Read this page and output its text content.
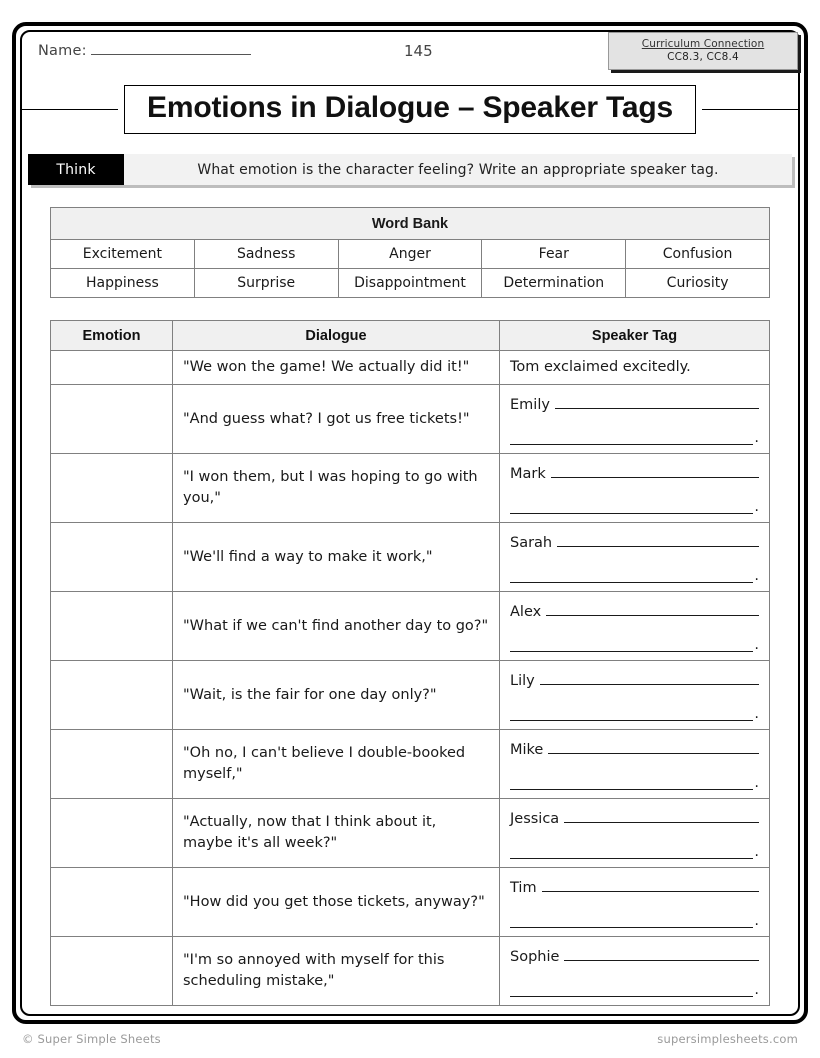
Name:	145	Curriculum Connection
CC8.3, CC8.4
Emotions in Dialogue – Speaker Tags
Think	What emotion is the character feeling? Write an appropriate speaker tag.
Word Bank				
Excitement	Sadness	Anger	Fear	Confusion
Happiness	Surprise	Disappointment	Determination	Curiosity
Emotion	Dialogue	Speaker Tag
	"We won the game! We actually did it!"	Tom exclaimed excitedly.
	"And guess what? I got us free tickets!"	Emily
.

	"I won them, but I was hoping to go with you,"	Mark
.

	"We'll find a way to make it work,"	Sarah
.

	"What if we can't find another day to go?"	Alex
.

	"Wait, is the fair for one day only?"	Lily
.

	"Oh no, I can't believe I double-booked myself,"	Mike
.

	"Actually, now that I think about it, maybe it's all week?"	Jessica
.

	"How did you get those tickets, anyway?"	Tim
.

	"I'm so annoyed with myself for this scheduling mistake,"	Sophie
.
© Super Simple Sheets	supersimplesheets.com
